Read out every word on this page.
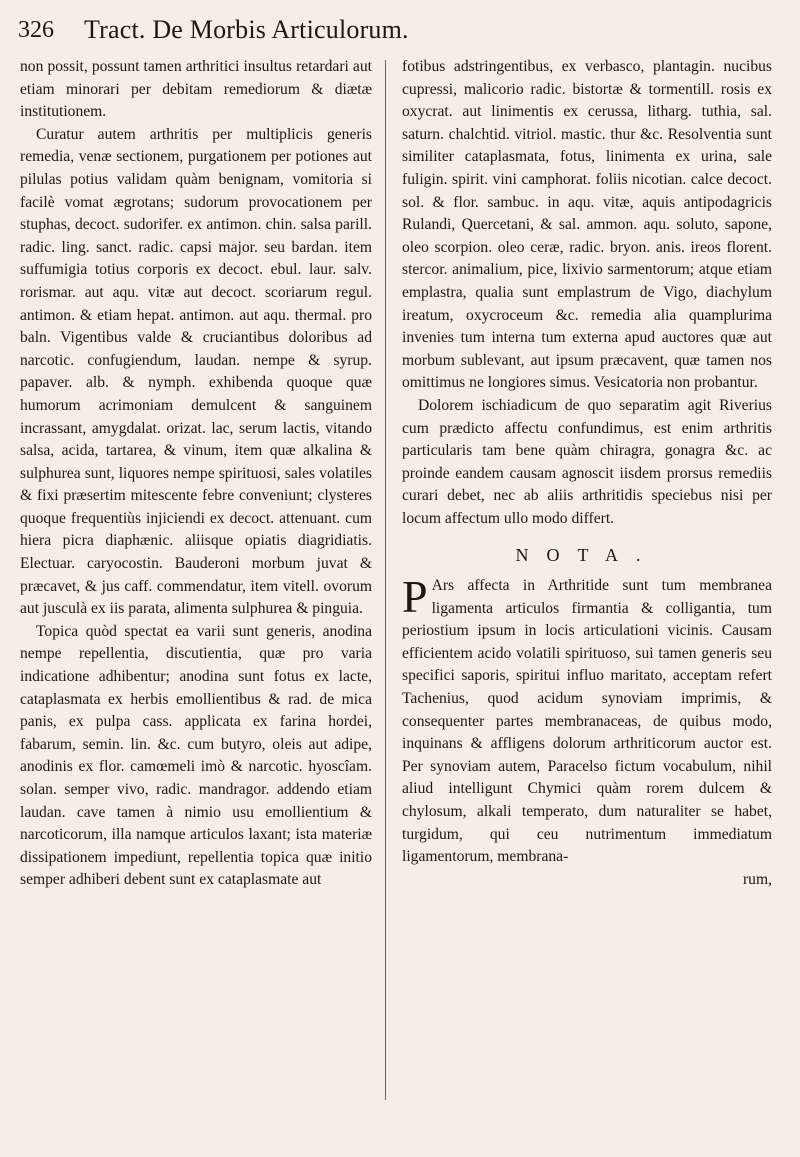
326 Tract. De Morbis Articulorum.

non possit, possunt tamen arthritici insultus retardari aut etiam minorari per debitam remediorum & diætæ institutionem.

Curatur autem arthritis per multiplicis generis remedia, venæ sectionem, purgationem per potiones aut pilulas potius validam quàm benignam, vomitoria si facilè vomat ægrotans; sudorum provocationem per stuphas, decoct. sudorifer. ex antimon. chin. salsa parill. radic. ling. sanct. radic. capsi major. seu bardan. item suffumigia totius corporis ex decoct. ebul. laur. salv. rorismar. aut aqu. vitæ aut decoct. scoriarum regul. antimon. & etiam hepat. antimon. aut aqu. thermal. pro baln. Vigentibus valde & cruciantibus doloribus ad narcotic. confugiendum, laudan. nempe & syrup. papaver. alb. & nymph. exhibenda quoque quæ humorum acrimoniam demulcent & sanguinem incrassant, amygdalat. orizat. lac, serum lactis, vitando salsa, acida, tartarea, & vinum, item quæ alkalina & sulphurea sunt, liquores nempe spirituosi, sales volatiles & fixi præsertim mitescente febre conveniunt; clysteres quoque frequentiùs injiciendi ex decoct. attenuant. cum hiera picra diaphænic. aliisque opiatis diagridiatis. Electuar. caryocostin. Bauderoni morbum juvat & præcavet, & jus caff. commendatur, item vitell. ovorum aut jusculà ex iis parata, alimenta sulphurea & pinguia.

Topica quòd spectat ea varii sunt generis, anodina nempe repellentia, discutientia, quæ pro varia indicatione adhibentur; anodina sunt fotus ex lacte, cataplasmata ex herbis emollientibus & rad. de mica panis, ex pulpa cass. applicata ex farina hordei, fabarum, semin. lin. &c. cum butyro, oleis aut adipe, anodinis ex flor. camœmeli imò & narcotic. hyoscîam. solan. semper vivo, radic. mandragor. addendo etiam laudan. cave tamen à nimio usu emollientium & narcoticorum, illa namque articulos laxant; ista materiæ dissipationem impediunt, repellentia topica quæ initio semper adhiberi debent sunt ex cataplasmate aut

fotibus adstringentibus, ex verbasco, plantagin. nucibus cupressi, malicorio radic. bistortæ & tormentill. rosis ex oxycrat. aut linimentis ex cerussa, litharg. tuthia, sal. saturn. chalchtid. vitriol. mastic. thur &c. Resolventia sunt similiter cataplasmata, fotus, linimenta ex urina, sale fuligin. spirit. vini camphorat. foliis nicotian. calce decoct. sol. & flor. sambuc. in aqu. vitæ, aquis antipodagricis Rulandi, Quercetani, & sal. ammon. aqu. soluto, sapone, oleo scorpion. oleo ceræ, radic. bryon. anis. ireos florent. stercor. animalium, pice, lixivio sarmentorum; atque etiam emplastra, qualia sunt emplastrum de Vigo, diachylum ireatum, oxycroceum &c. remedia alia quamplurima invenies tum interna tum externa apud auctores quæ aut morbum sublevant, aut ipsum præcavent, quæ tamen nos omittimus ne longiores simus. Vesicatoria non probantur.

Dolorem ischiadicum de quo separatim agit Riverius cum prædicto affectu confundimus, est enim arthritis particularis tam bene quàm chiragra, gonagra &c. ac proinde eandem causam agnoscit iisdem prorsus remediis curari debet, nec ab aliis arthritidis speciebus nisi per locum affectum ullo modo differt.

NOTA.

P Ars affecta in Arthritide sunt tum membranea ligamenta articulos firmantia & colligantia, tum periostium ipsum in locis articulationi vicinis. Causam efficientem acido volatili spirituoso, sui tamen generis seu specifici saporis, spiritui influo maritato, acceptam refert Tachenius, quod acidum synoviam imprimis, & consequenter partes membranaceas, de quibus modo, inquinans & affligens dolorum arthriticorum auctor est. Per synoviam autem, Paracelso fictum vocabulum, nihil aliud intelligunt Chymici quàm rorem dulcem & chylosum, alkali temperato, dum naturaliter se habet, turgidum, qui ceu nutrimentum immediatum ligamentorum, membrana-

rum,
